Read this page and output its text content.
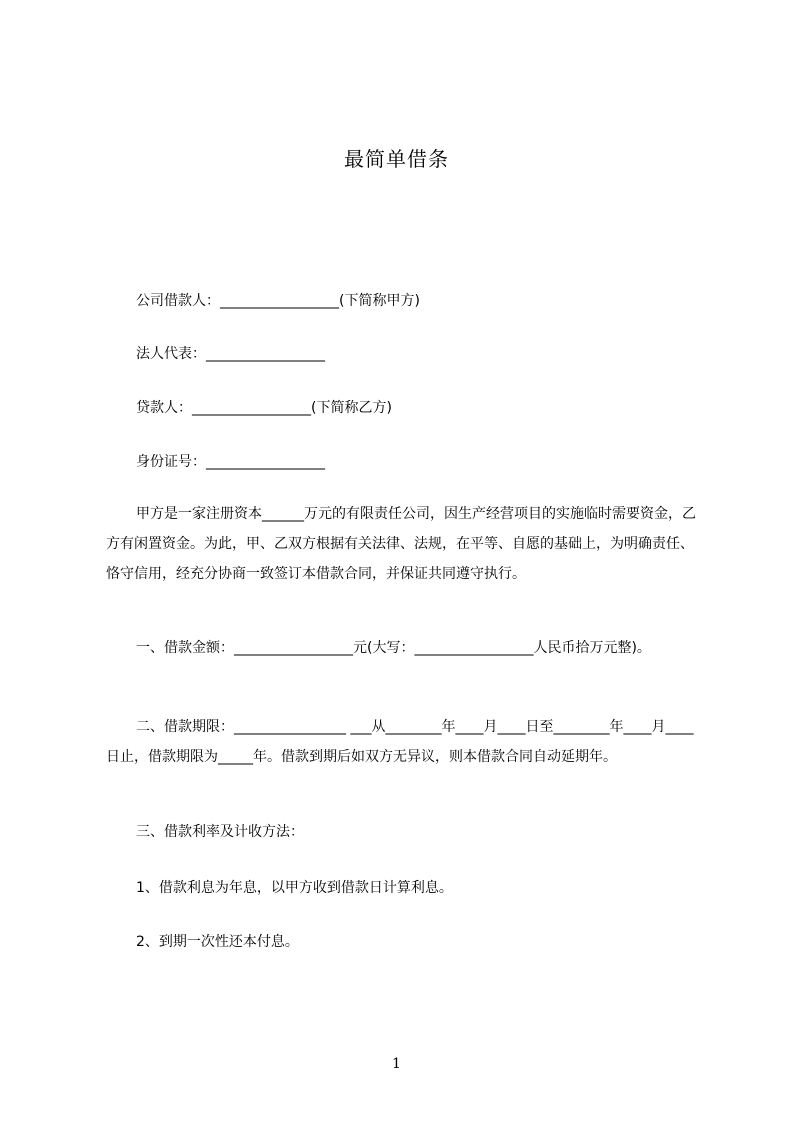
最简单借条
公司借款人：_________________(下简称甲方)
法人代表：_________________
贷款人：_________________(下简称乙方)
身份证号：_________________
甲方是一家注册资本______万元的有限责任公司，因生产经营项目的实施临时需要资金，乙方有闲置资金。为此，甲、乙双方根据有关法律、法规，在平等、自愿的基础上，为明确责任、恪守信用，经充分协商一致签订本借款合同，并保证共同遵守执行。
一、借款金额：_________________元(大写：_________________人民币拾万元整)。
二、借款期限：________________ ___从________年____月____日至________年____月____日止，借款期限为_____年。借款到期后如双方无异议，则本借款合同自动延期年。
三、借款利率及计收方法：
1、借款利息为年息，以甲方收到借款日计算利息。
2、到期一次性还本付息。
1
